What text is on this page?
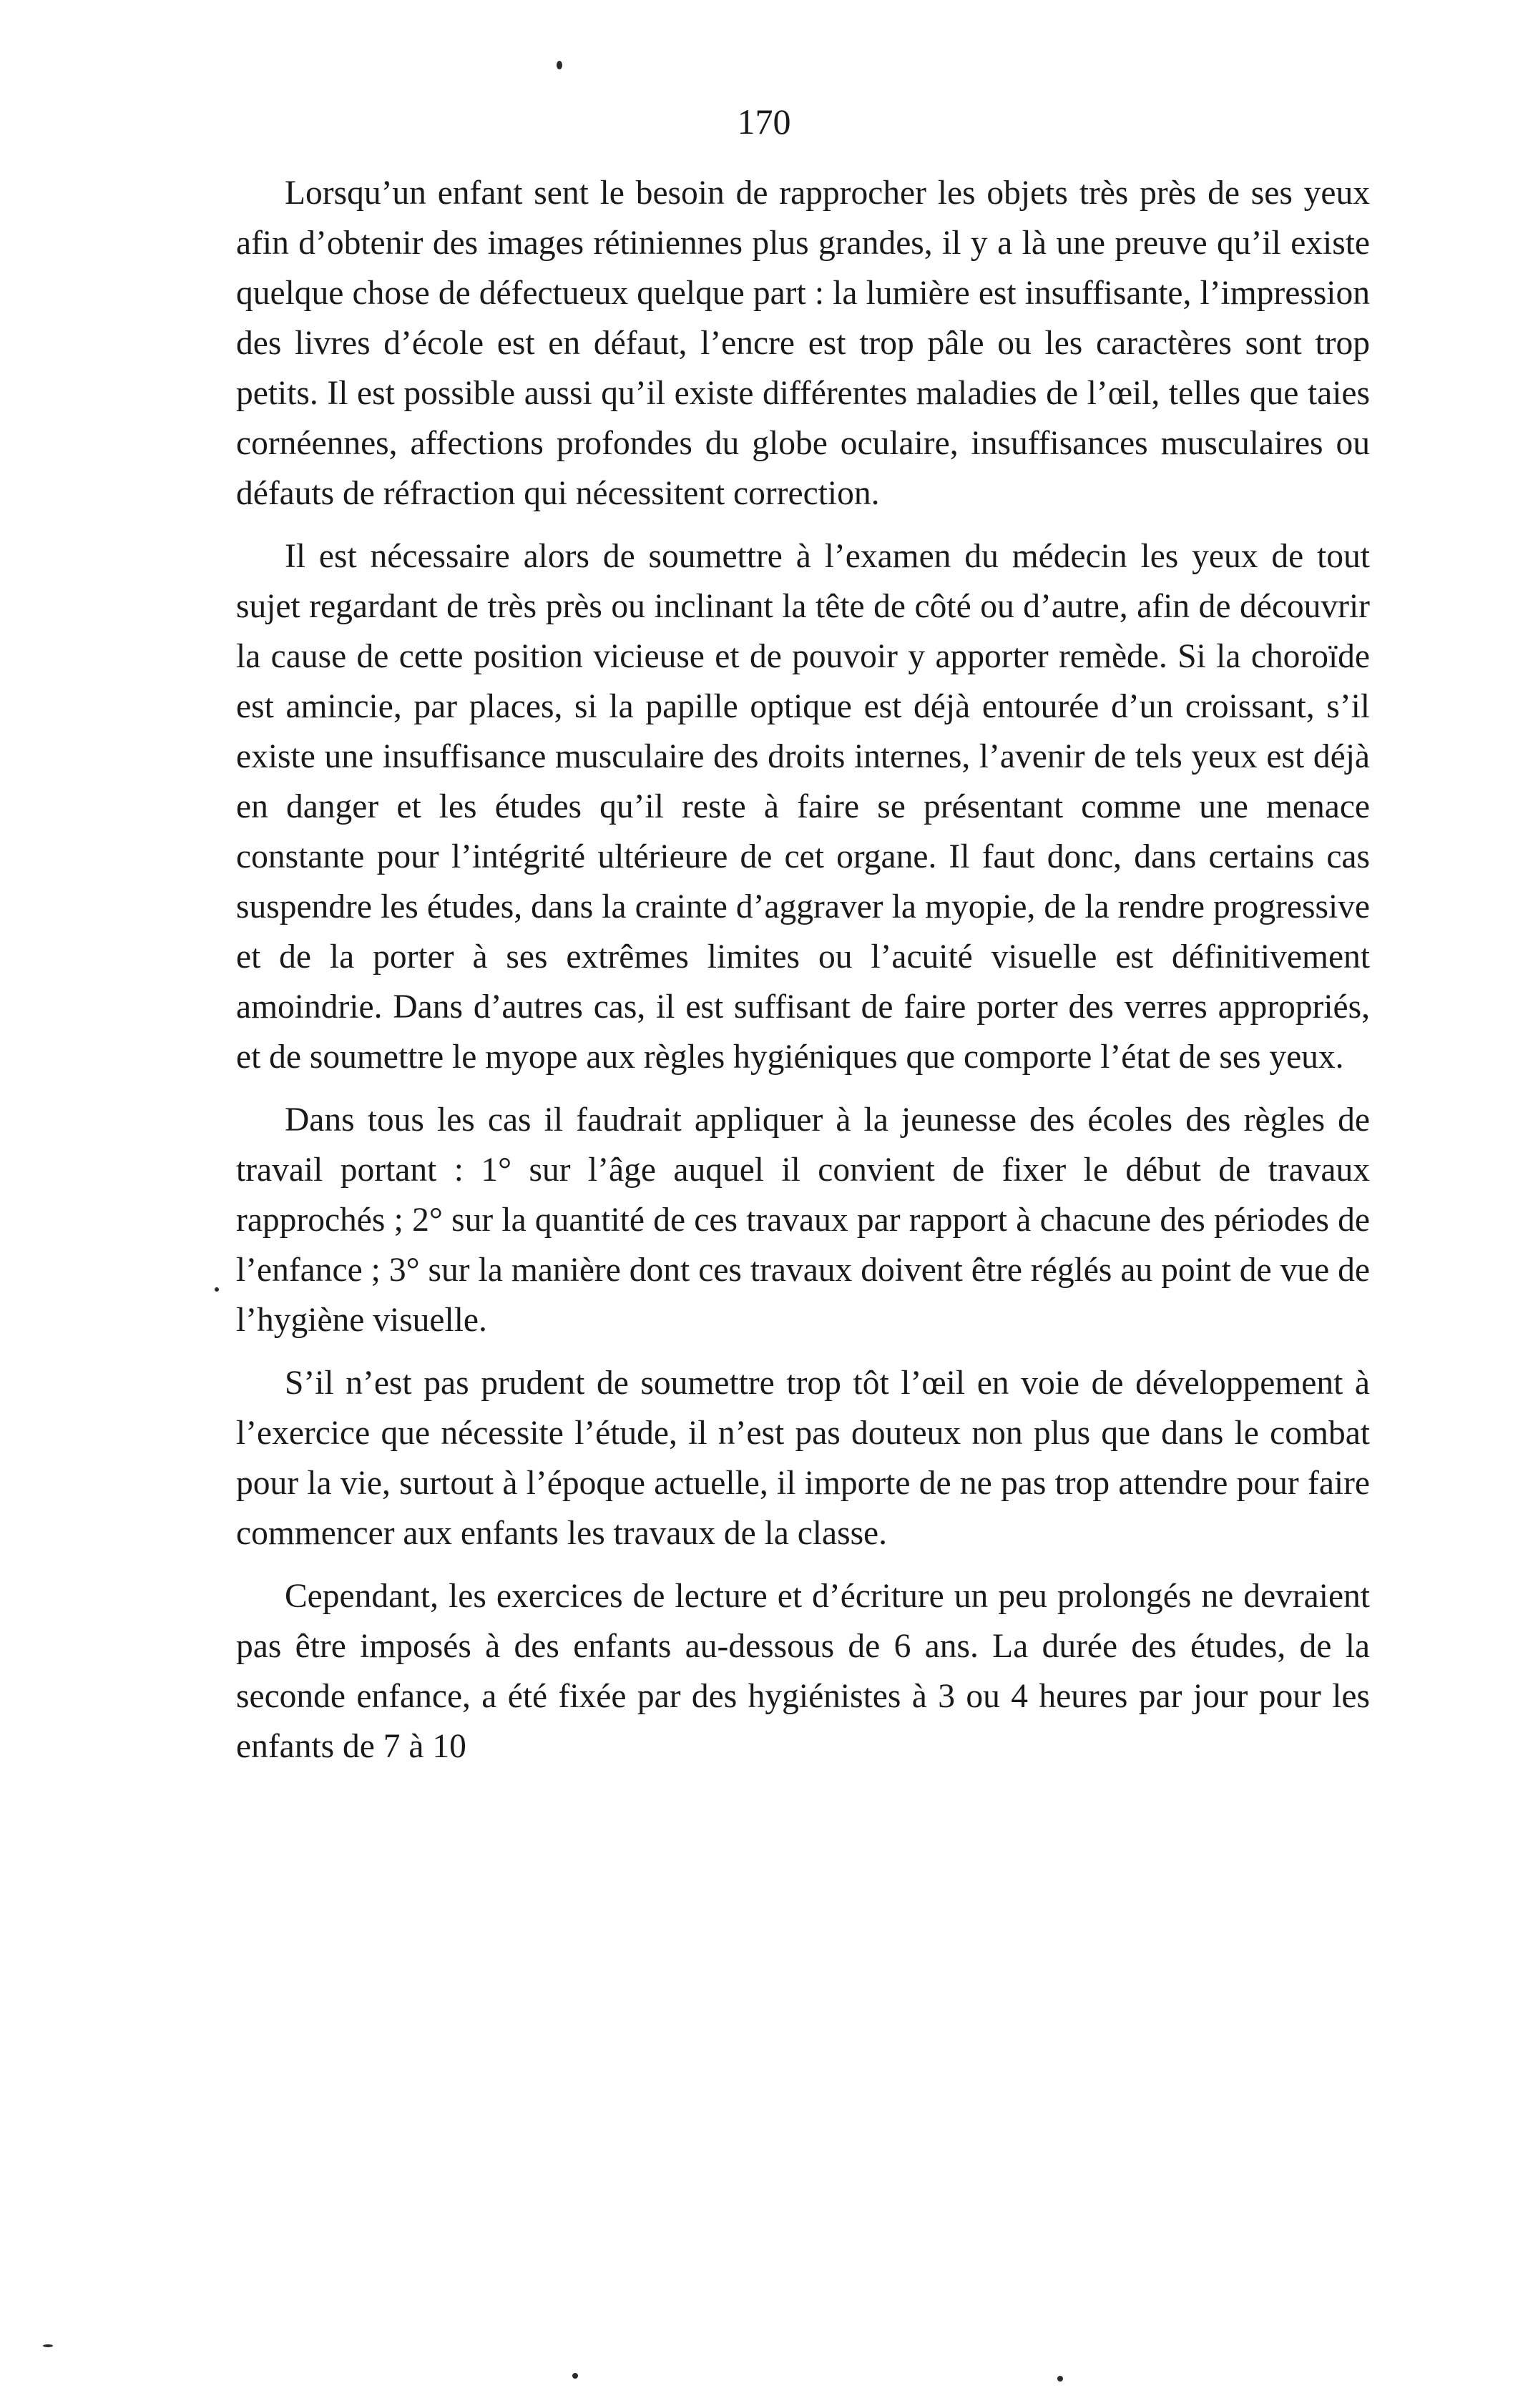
170

Lorsqu’un enfant sent le besoin de rapprocher les objets très près de ses yeux afin d’obtenir des images rétiniennes plus grandes, il y a là une preuve qu’il existe quelque chose de défectueux quelque part : la lumière est insuffisante, l’impression des livres d’école est en défaut, l’encre est trop pâle ou les caractères sont trop petits. Il est possible aussi qu’il existe différentes maladies de l’œil, telles que taies cornéennes, affections profondes du globe oculaire, insuffisances musculaires ou défauts de réfraction qui nécessitent correction.

Il est nécessaire alors de soumettre à l’examen du médecin les yeux de tout sujet regardant de très près ou inclinant la tête de côté ou d’autre, afin de découvrir la cause de cette position vicieuse et de pouvoir y apporter remède. Si la choroïde est amincie, par places, si la papille optique est déjà entourée d’un croissant, s’il existe une insuffisance musculaire des droits internes, l’avenir de tels yeux est déjà en danger et les études qu’il reste à faire se présentant comme une menace constante pour l’intégrité ultérieure de cet organe. Il faut donc, dans certains cas suspendre les études, dans la crainte d’aggraver la myopie, de la rendre progressive et de la porter à ses extrêmes limites ou l’acuité visuelle est définitivement amoindrie. Dans d’autres cas, il est suffisant de faire porter des verres appropriés, et de soumettre le myope aux règles hygiéniques que comporte l’état de ses yeux.

Dans tous les cas il faudrait appliquer à la jeunesse des écoles des règles de travail portant : 1° sur l’âge auquel il convient de fixer le début de travaux rapprochés ; 2° sur la quantité de ces travaux par rapport à chacune des périodes de l’enfance ; 3° sur la manière dont ces travaux doivent être réglés au point de vue de l’hygiène visuelle.

S’il n’est pas prudent de soumettre trop tôt l’œil en voie de développement à l’exercice que nécessite l’étude, il n’est pas douteux non plus que dans le combat pour la vie, surtout à l’époque actuelle, il importe de ne pas trop attendre pour faire commencer aux enfants les travaux de la classe.

Cependant, les exercices de lecture et d’écriture un peu prolongés ne devraient pas être imposés à des enfants au-dessous de 6 ans. La durée des études, de la seconde enfance, a été fixée par des hygiénistes à 3 ou 4 heures par jour pour les enfants de 7 à 10
